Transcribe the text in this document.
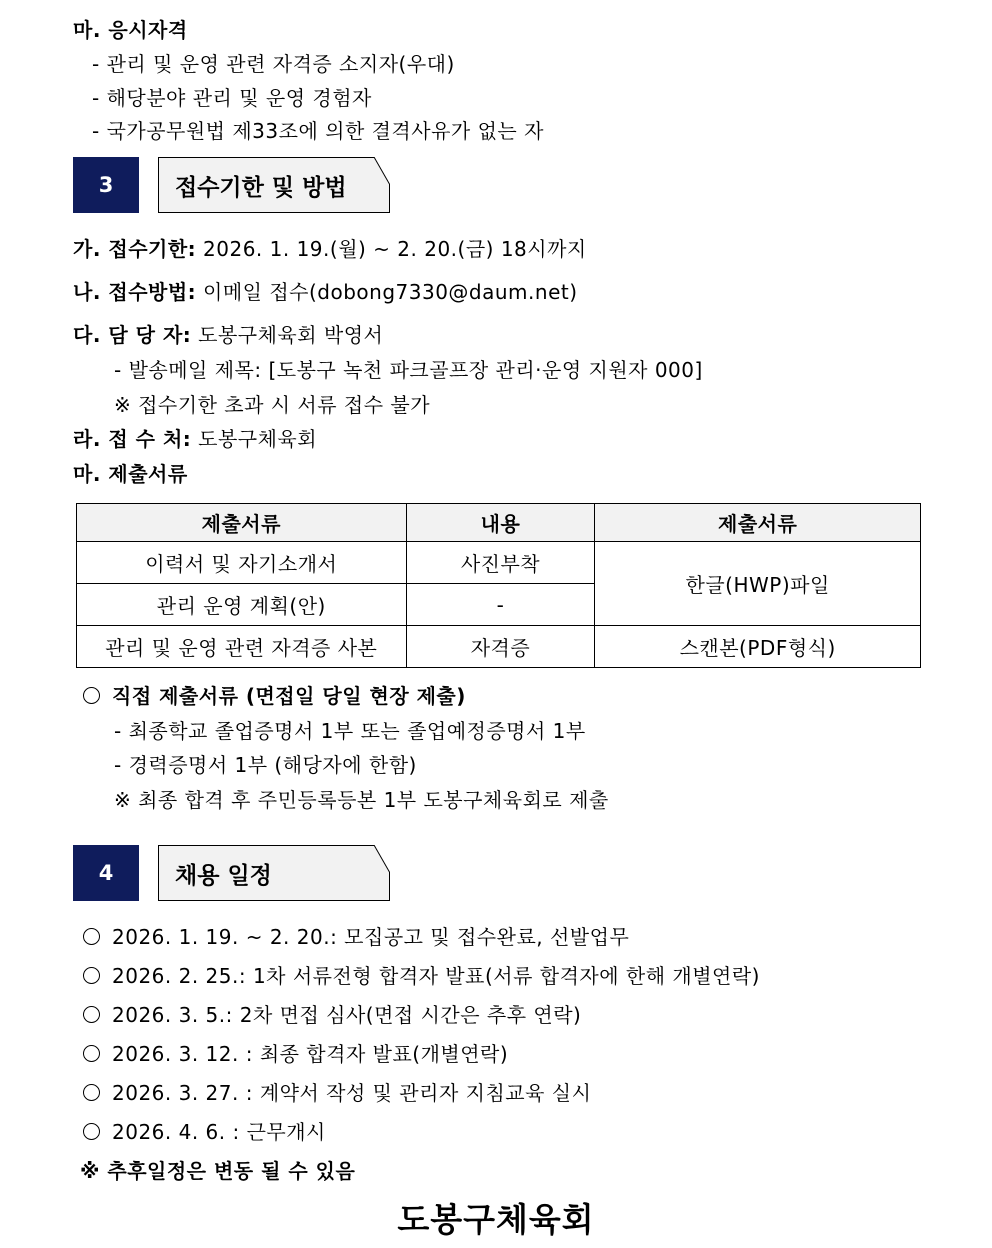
마. 응시자격
- 관리 및 운영 관련 자격증 소지자(우대)
- 해당분야 관리 및 운영 경험자
- 국가공무원법 제33조에 의한 결격사유가 없는 자
3	접수기한 및 방법
가. 접수기한: 2026. 1. 19.(월) ~ 2. 20.(금) 18시까지
나. 접수방법: 이메일 접수(dobong7330@daum.net)
다. 담 당 자: 도봉구체육회 박영서
- 발송메일 제목: [도봉구 녹천 파크골프장 관리·운영 지원자 000]
※ 접수기한 초과 시 서류 접수 불가
라. 접 수 처: 도봉구체육회
마. 제출서류
제출서류	내용	제출서류
이력서 및 자기소개서	사진부착	한글(HWP)파일
관리 운영 계획(안)	-	
관리 및 운영 관련 자격증 사본	자격증	스캔본(PDF형식)
직접 제출서류 (면접일 당일 현장 제출)
- 최종학교 졸업증명서 1부 또는 졸업예정증명서 1부
- 경력증명서 1부 (해당자에 한함)
※ 최종 합격 후 주민등록등본 1부 도봉구체육회로 제출
4	채용 일정
2026. 1. 19. ~ 2. 20.: 모집공고 및 접수완료, 선발업무
2026. 2. 25.: 1차 서류전형 합격자 발표(서류 합격자에 한해 개별연락)
2026. 3. 5.: 2차 면접 심사(면접 시간은 추후 연락)
2026. 3. 12. : 최종 합격자 발표(개별연락)
2026. 3. 27. : 계약서 작성 및 관리자 지침교육 실시
2026. 4. 6. : 근무개시
※ 추후일정은 변동 될 수 있음
도봉구체육회
